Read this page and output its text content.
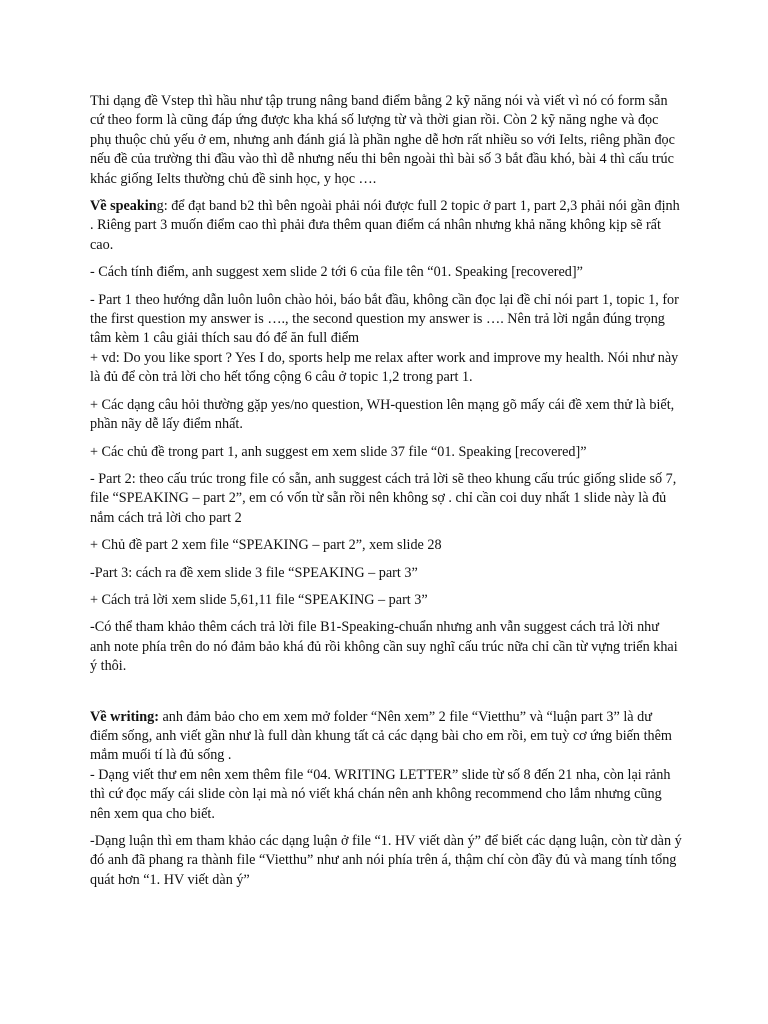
Thi dạng đề Vstep thì hầu như tập trung nâng band điểm bằng 2 kỹ năng nói và viết vì nó có form sẵn cứ theo form là cũng đáp ứng được kha khá số lượng từ và thời gian rồi. Còn 2 kỹ năng nghe và đọc phụ thuộc chủ yếu ở em, nhưng anh đánh giá là phần nghe dễ hơn rất nhiều so với Ielts, riêng phần đọc nếu đề của trường thi đầu vào thì dễ nhưng nếu thi bên ngoài thì bài số 3 bắt đầu khó, bài 4 thì cấu trúc khác giống Ielts thường chủ đề sinh học, y học ….

Về speaking: để đạt band b2 thì bên ngoài phải nói được full 2 topic ở part 1, part 2,3 phải nói gần định . Riêng part 3 muốn điểm cao thì phải đưa thêm quan điểm cá nhân nhưng khả năng không kịp sẽ rất cao.

- Cách tính điểm, anh suggest xem slide 2 tới 6 của file tên “01. Speaking [recovered]”

- Part 1 theo hướng dẫn luôn luôn chào hỏi, báo bắt đầu, không cần đọc lại đề chỉ nói part 1, topic 1, for the first question my answer is …., the second question my answer is …. Nên trả lời ngắn đúng trọng tâm kèm 1 câu giải thích sau đó để ăn full điểm

+ vd: Do you like sport ? Yes I do, sports help me relax after work and improve my health. Nói như này là đủ để còn trả lời cho hết tổng cộng 6 câu ở topic 1,2 trong part 1.

+ Các dạng câu hỏi thường gặp yes/no question, WH-question lên mạng gõ mấy cái đề xem thử là biết, phần nãy dễ lấy điểm nhất.

+ Các chủ đề trong part 1, anh suggest em xem slide 37 file “01. Speaking [recovered]”

- Part 2: theo cấu trúc trong file có sẵn, anh suggest cách trả lời sẽ theo khung cấu trúc giống slide số 7, file “SPEAKING – part 2”, em có vốn từ sẵn rồi nên không sợ . chỉ cần coi duy nhất 1 slide này là đủ nắm cách trả lời cho part 2

+ Chủ đề part 2 xem file “SPEAKING – part 2”, xem slide 28

-Part 3: cách ra đề xem slide 3 file “SPEAKING – part 3”

+ Cách trả lời xem slide 5,61,11 file “SPEAKING – part 3”

-Có thể tham khảo thêm cách trả lời file B1-Speaking-chuẩn nhưng anh vẫn suggest cách trả lời như anh note phía trên do nó đảm bảo khá đủ rồi không cần suy nghĩ cấu trúc nữa chỉ cần từ vựng triển khai ý thôi.

Về writing: anh đảm bảo cho em xem mở folder “Nên xem” 2 file “Vietthu” và “luận part 3” là dư điểm sống, anh viết gần như là full dàn khung tất cả các dạng bài cho em rồi, em tuỳ cơ ứng biến thêm mắm muối tí là đủ sống .

- Dạng viết thư em nên xem thêm file “04. WRITING LETTER” slide từ số 8 đến 21 nha, còn lại rảnh thì cứ đọc mấy cái slide còn lại mà nó viết khá chán nên anh không recommend cho lắm nhưng cũng nên xem qua cho biết.

-Dạng luận thì em tham khảo các dạng luận ở file “1. HV viết dàn ý” để biết các dạng luận, còn từ dàn ý đó anh đã phang ra thành file “Vietthu” như anh nói phía trên á, thậm chí còn đầy đủ và mang tính tổng quát hơn “1. HV viết dàn ý”
